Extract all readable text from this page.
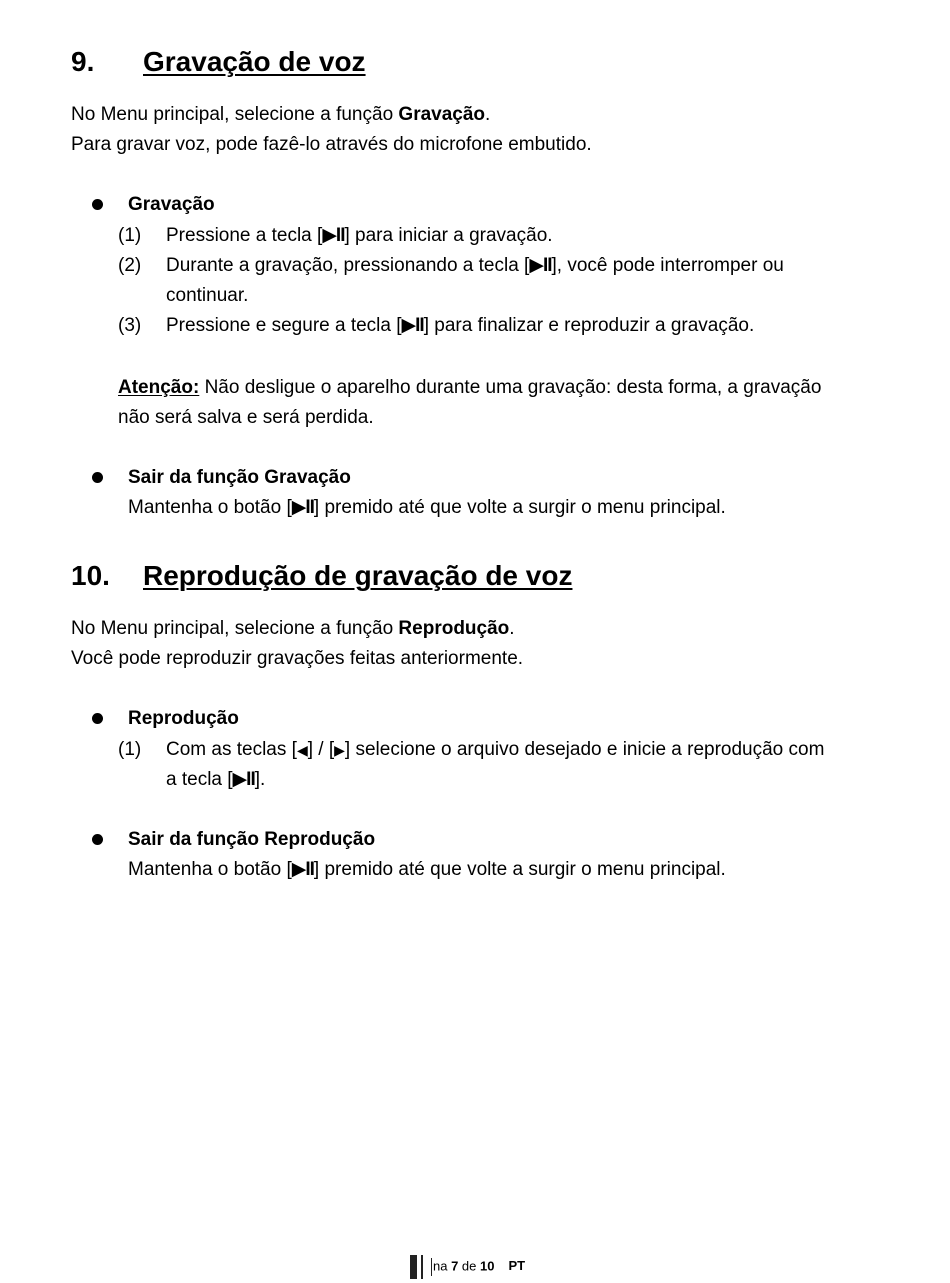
9. Gravação de voz
No Menu principal, selecione a função Gravação.
Para gravar voz, pode fazê-lo através do microfone embutido.
Gravação
(1) Pressione a tecla [▶II] para iniciar a gravação.
(2) Durante a gravação, pressionando a tecla [▶II], você pode interromper ou
continuar.
(3) Pressione e segure a tecla [▶II] para finalizar e reproduzir a gravação.
Atenção: Não desligue o aparelho durante uma gravação: desta forma, a gravação
não será salva e será perdida.
Sair da função Gravação
Mantenha o botão [▶II] premido até que volte a surgir o menu principal.
10. Reprodução de gravação de voz
No Menu principal, selecione a função Reprodução.
Você pode reproduzir gravações feitas anteriormente.
Reprodução
(1) Com as teclas [◀] / [▶] selecione o arquivo desejado e inicie a reprodução com
a tecla [▶II].
Sair da função Reprodução
Mantenha o botão [▶II] premido até que volte a surgir o menu principal.
na 7 de 10 PT
